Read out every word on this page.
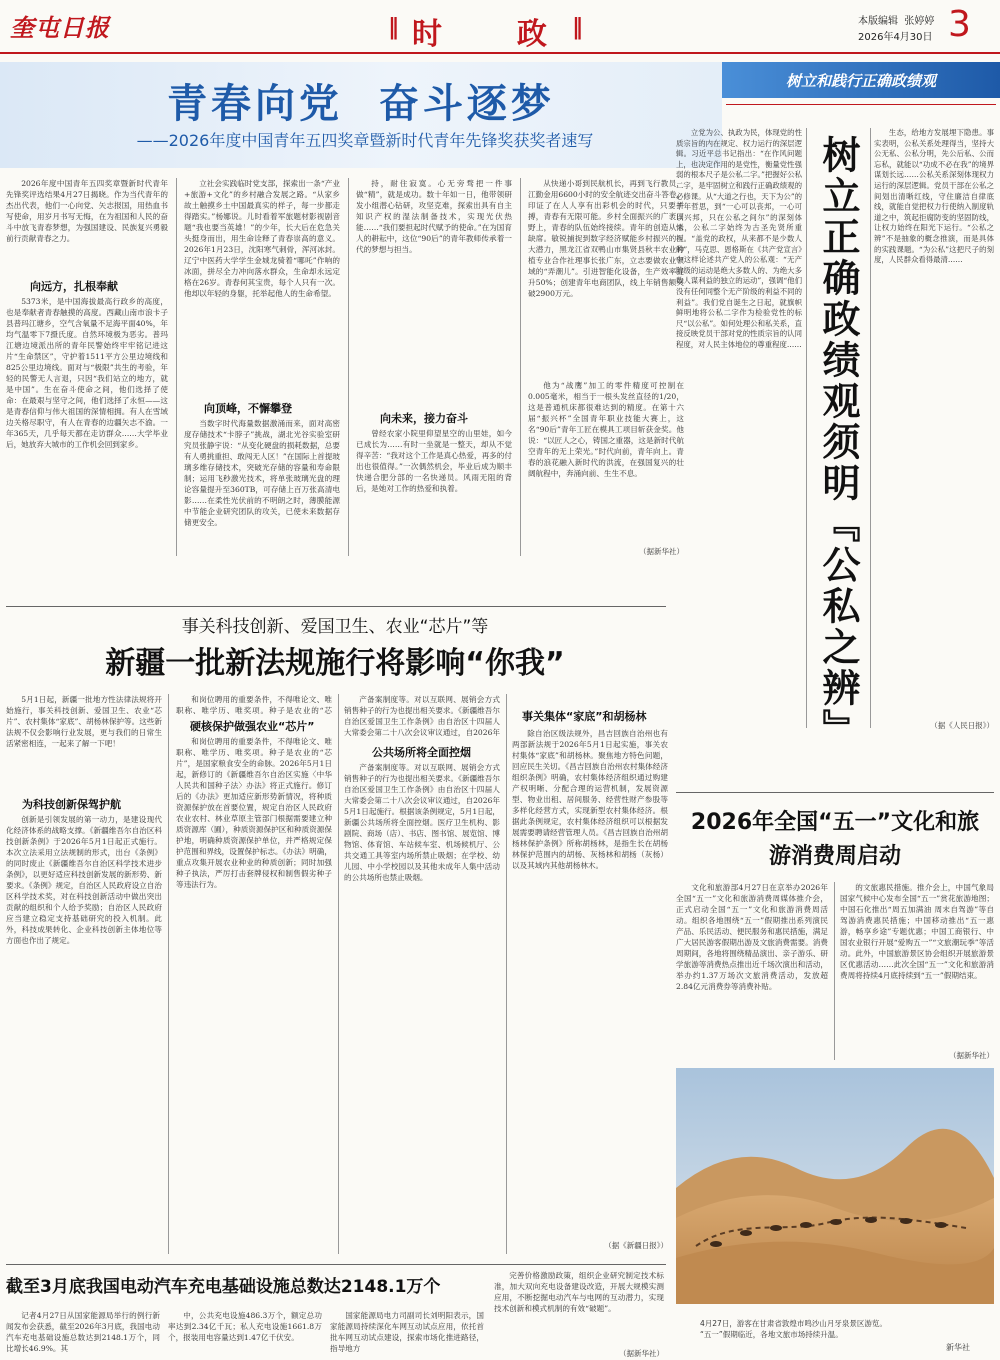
奎屯日报	‖ 时  政 ‖	本版编辑  张婷婷
2026年4月30日 3
青春向党  奋斗逐梦
——2026年度中国青年五四奖章暨新时代青年先锋奖获奖者速写

2026年度中国青年五四奖章暨新时代青年先锋奖评选结果4月27日揭晓。作为当代青年的杰出代表，他们一心向党、矢志报国，用热血书写使命，用岁月书写无悔，在为祖国和人民的奋斗中放飞青春梦想，为强国建设、民族复兴勇毅前行贡献青春之力。

向远方，扎根奉献

5373米，是中国海拔最高行政乡的高度，也是奉献者青春触摸的高度。西藏山南市浪卡子县普玛江塘乡，空气含氧量不足海平面40%，年均气温零下7摄氏度。自然环境极为恶劣。普玛江塘边境派出所的青年民警始终牢牢铭记进这片“生命禁区”，守护着1511平方公里边境线和825公里边境线。面对与“极限”共生的考验，年轻的民警无人言退，只因“我们站立的地方，就是中国”。生在奋斗使命之间，他们选择了使命：在最艰与坚守之间，他们选择了永恒——这是青春信仰与伟大祖国的深情相拥。有人在雪域边关格尽职守，有人在青春的边疆矢志不渝。一年365天，几乎每天都在走访群众……大学毕业后，她放弃大城市的工作机会回到家乡。

立社会实践临时党支部，探索出一条“产业+旅游+文化”的乡村融合发展之路。“从家乡故土触摸乡土中国最真实的样子，每一步都走得踏实。”杨娜说。儿时看着军旅题材影视剧音题“我也要当英雄！”的少年，长大后在危急关头挺身而出，用生命诠释了青春崇高的意义。2026年1月23日，沈阳寒气刺骨，浑河冰封。辽宁中医药大学学生金城龙骑着“哪吒”作响的冰面，拼尽全力冲向落水群众，生命却永远定格在26岁。青春何其宝贵，每个人只有一次。他却以年轻的身躯，托举起他人的生命希望。

向顶峰，不懈攀登

当数字时代海量数据激涌而来，面对高密度存储技术“卡脖子”挑战，湖北光谷实验室研究员张静宇说：“从变化硬盘的损耗数据，总要有人勇挑重担、敢闯无人区！”在国际上首提玻璃多维存储技术，突破光存储的容量和寿命限制；运用飞秒激光技术，将单张玻璃光盘的理论容量提升至360TB，可存储上百万张高清电影……在柔性光伏前的不明朗之时，薄膜能源中节能企业研究团队的攻关，已使未来数据存储更安全。

持，耐住寂寞。心无旁骛把一件事做“精”，就是成功。数十年如一日，他带领研发小组潜心钻研，攻坚克难，探索出具有自主知识产权的湿法制备技术，实现光伏热能……“我们要担起时代赋予的使命。”在为国育人的耕耘中，这位“90后”的青年教师传承着一代的梦想与担当。

向未来，接力奋斗

曾经农家小院里仰望星空的山里娃，如今已成长为……有时一坐就是一整天，却从不觉得辛苦：“我对这个工作是真心热爱，再多的付出也很值得。”一次偶然机会，毕业后成为顺丰快递合肥分部的一名快递员。风雨无阻的背后，是她对工作的热爱和执着。

从快递小哥到民航机长，再到飞行教员，江勤金用6600小时的安全航迹交出奋斗答卷，印证了在人人享有出彩机会的时代，只要拼搏，青春有无限可能。乡村全面振兴的广袤田野上，青春的队伍始终接续。青年的创造从未缺席。敏锐捕捉到数字经济赋能乡村振兴的巨大潜力，黑龙江省双鸭山市集贤县秋丰农业种植专业合作社理事长张广东，立志要做农业领域的“弄潮儿”。引进智能化设备，生产效率提升50%；创建青年电商团队，线上年销售额突破2900万元。

他为“战鹰”加工的零件精度可控制在0.005毫米，相当于一根头发丝直径的1/20，这是普通机床都很难达到的精度。在第十六届“振兴杯”全国青年职业技能大赛上，这名“90后”青年工匠在模具工项目斩获金奖。他说：“以匠人之心，铸国之重器，这是新时代航空青年的无上荣光。”时代向前，青年向上。青春的浪花融入新时代的洪流，在强国复兴的壮阔航程中，奔涌向前、生生不息。

（据新华社）
树立和践行正确政绩观
树立正确政绩观须明『公私之辨』

立党为公、执政为民，体现党的性质宗旨的内在规定、权力运行的深层逻辑。习近平总书记指出：“在作风问题上，也决定作用的是党性，衡量党性强弱的根本尺子是公私二字。”把握好公私二字，是牢固树立和践行正确政绩观的必修课。从“大道之行也，天下为公”的千年哲思，到“一心可以丧邦，一心可以兴邦，只在公私之间尔”的深刻体悟，公私二字始终为古圣先贤所重视。“盖党的政权，从来都不是少数人的”，马克思、恩格斯在《共产党宣言》中这样论述共产党人的公私观：“无产阶级的运动是绝大多数人的、为绝大多数人谋利益的独立的运动”，强调“他们没有任何同整个无产阶级的利益不同的利益”。我们党自诞生之日起，就旗帜鲜明地将公私二字作为检验党性的标尺“以公私”。如何处理公和私关系，直接反映党员干部对党的性质宗旨的认同程度，对人民主体地位的尊重程度……

生态，给地方发展埋下隐患。事实表明，公私关系处理得当，坚持大公无私、公私分明，先公后私、公而忘私，就能以“功成不必在我”的境界谋划长远……公私关系深刻体现权力运行的深层逻辑。党员干部在公私之间划出清晰红线，守住廉洁自律底线，就能自觉把权力行使纳入制度轨道之中，筑起拒腐防变的坚固防线，让权力始终在阳光下运行。“公私之辨”不是抽象的概念推演，而是具体的实践课题。“为公私”这把尺子的刻度，人民群众看得最清……

（据《人民日报》）
事关科技创新、爱国卫生、农业“芯片”等
新疆一批新法规施行将影响“你我”

5月1日起，新疆一批地方性法律法规将开始施行，事关科技创新、爱国卫生、农业“芯片”、农村集体“家底”、胡杨林保护等。这些新法规不仅会影响行业发展，更与我们的日常生活紧密相连，一起来了解一下吧！

为科技创新保驾护航

创新是引领发展的第一动力，是建设现代化经济体系的战略支撑。《新疆维吾尔自治区科技创新条例》于2026年5月1日起正式施行。本次立法采用立法规制的形式，出台《条例》的同时废止《新疆维吾尔自治区科学技术进步条例》，以更好适应科技创新发展的新形势、新要求。《条例》规定，自治区人民政府设立自治区科学技术奖，对在科技创新活动中做出突出贡献的组织和个人给予奖励；自治区人民政府应当建立稳定支持基础研究的投入机制。此外，科技成果转化、企业科技创新主体地位等方面也作出了规定。

硬核保护做强农业“芯片”

和岗位聘用的重要条件，不得唯论文、唯职称、唯学历、唯奖项。种子是农业的“芯

和岗位聘用的重要条件，不得唯论文、唯职称、唯学历、唯奖项。种子是农业的“芯片”，是国家粮食安全的命脉。2026年5月1日起，新修订的《新疆维吾尔自治区实施〈中华人民共和国种子法〉办法》将正式施行。修订后的《办法》更加适应新形势新情况，将种质资源保护放在首要位置，规定自治区人民政府农业农村、林业草原主管部门根据需要建立种质资源库（圃），种质资源保护区和种质资源保护地，明确种质资源保护单位，并严格规定保护范围和界线，设置保护标志。《办法》明确，重点攻集开展农业种业的种质创新；同时加强种子执法，严厉打击套牌侵权和制售假劣种子等违法行为。

产备案制度等。对以互联网、展销会方式销售种子的行为也提出相关要求。《新疆维吾尔自治区爱国卫生工作条例》由自治区十四届人大常委会第二十八次会议审议通过，自2026年

公共场所将全面控烟

产备案制度等。对以互联网、展销会方式销售种子的行为也提出相关要求。《新疆维吾尔自治区爱国卫生工作条例》由自治区十四届人大常委会第二十八次会议审议通过，自2026年5月1日起施行。根据该条例规定，5月1日起，新疆公共场所将全面控烟。医疗卫生机构、影剧院、商场（店）、书店、图书馆、展览馆、博物馆、体育馆、车站候车室、机场候机厅、公共交通工具等室内场所禁止吸烟；在学校、幼儿园、中小学校园以及其他未成年人集中活动的公共场所也禁止吸烟。

事关集体“家底”和胡杨林

除自治区级法规外，昌吉回族自治州也有两部新法规于2026年5月1日起实施，事关农村集体“家底”和胡杨林。聚焦地方特色问题，回应民生关切。《昌吉回族自治州农村集体经济组织条例》明确，农村集体经济组织通过购建产权明晰、分配合理的运营机制，发展资源型、物业出租、居间服务、经营性财产参股等多样化经营方式，实现新型农村集体经济。根据此条例规定，农村集体经济组织可以根据发展需要聘请经营管理人员。《昌吉回族自治州胡杨林保护条例》所称胡杨林，是指生长在胡杨林保护范围内的胡杨、灰杨林和胡杨（灰杨）以及其域内其他胡杨林木。

（据《新疆日报》）
2026年全国“五一”文化和旅游消费周启动

文化和旅游部4月27日在京举办2026年全国“五一”文化和旅游消费周媒体推介会，正式启动全国“五一”文化和旅游消费周活动。组织各地围绕“五一”假期推出系列演民产品、乐民活动、便民服务和惠民措施，满足广大居民游客假期出游及文旅消费需要。消费周期间，各地将围绕精品演出、亲子游乐、研学旅游等消费热点推出近千场次演出和活动，举办约1.37万场次文旅消费活动，发放超2.84亿元消费券等消费补贴。

的文旅惠民措施。推介会上，中国气象局国家气候中心发布全国“五一”赏花旅游地图；中国石化推出“周五加满油 周末自驾游”等自驾游消费惠民措施；中国移动推出“五一惠游，畅享乡途”专题优惠；中国工商银行、中国农业银行开展“爱购五一”“文旅潮玩季”等活动。此外，中国旅游景区协会组织开展旅游景区优惠活动……此次全国“五一”文化和旅游消费周将持续4月底持续到“五一”假期结束。

（据新华社）
4月27日，游客在甘肃省敦煌市鸣沙山月牙泉景区游览。
“五一”假期临近，各地文旅市场持续升温。
新华社
截至3月底我国电动汽车充电基础设施总数达2148.1万个

记者4月27日从国家能源局举行的例行新闻发布会获悉，截至2026年3月底，我国电动汽车充电基础设施总数达到2148.1万个，同比增长46.9%。其

中，公共充电设施486.3万个，额定总功率达到2.34亿千瓦；私人充电设施1661.8万个，报装用电容量达到1.47亿千伏安。

国家能源局电力司副司长刘明阳表示，国家能源局持续深化车网互动试点应用，依托首批车网互动试点建设，探索市场化推进路径，指导地方

完善价格激励政策，组织企业研究制定技术标准，加大双向充电设备建设改造，开展大规模实测应用，不断挖掘电动汽车与电网的互动潜力，实现技术创新和模式机制的有效“破题”。

（据新华社）
